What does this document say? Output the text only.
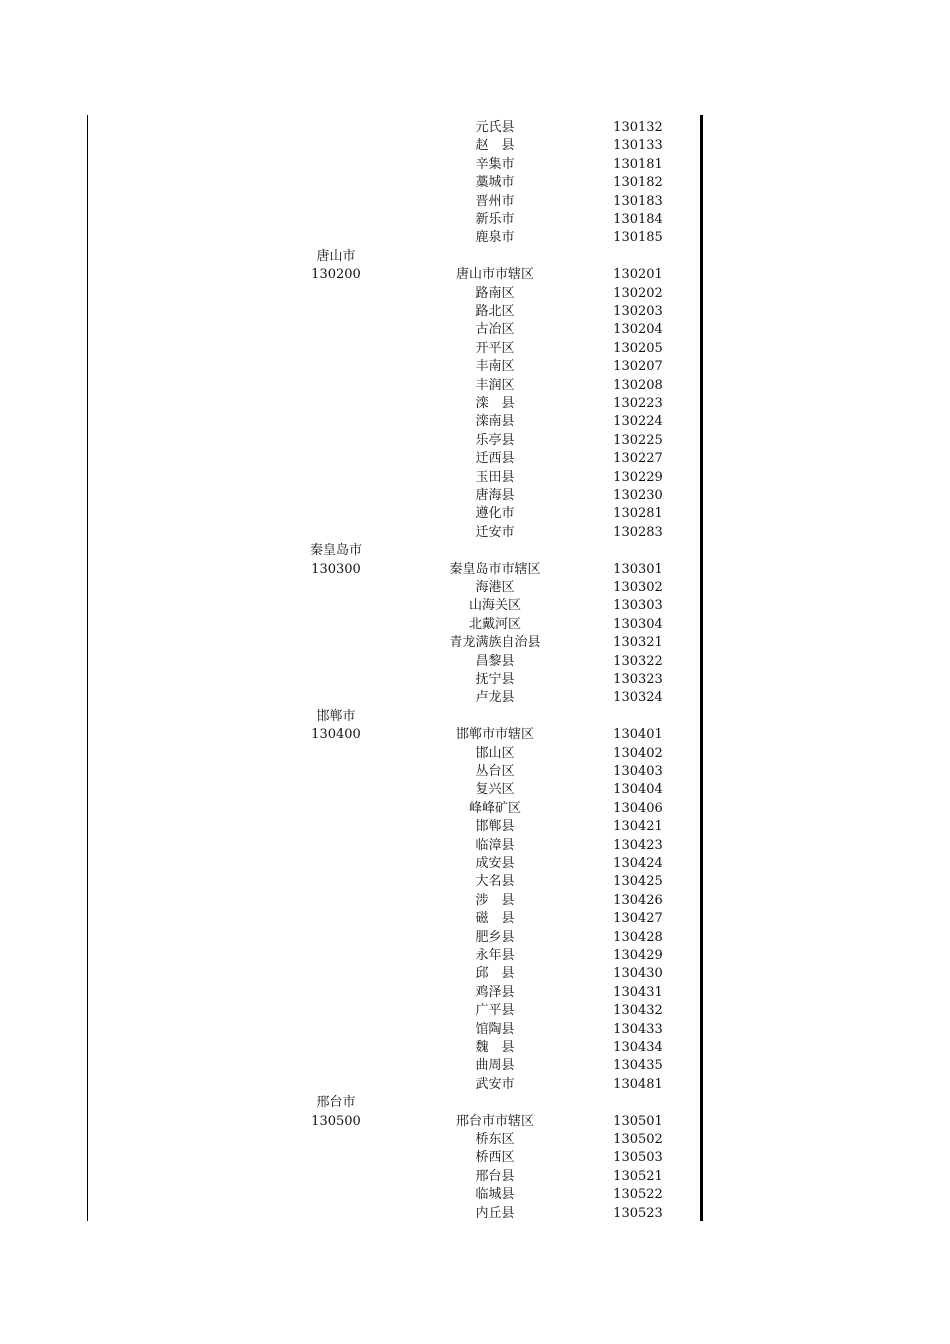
元氏县	130132
赵　县	130133
辛集市	130181
藁城市	130182
晋州市	130183
新乐市	130184
鹿泉市	130185
唐山市
130200	唐山市市辖区	130201
路南区	130202
路北区	130203
古冶区	130204
开平区	130205
丰南区	130207
丰润区	130208
滦　县	130223
滦南县	130224
乐亭县	130225
迁西县	130227
玉田县	130229
唐海县	130230
遵化市	130281
迁安市	130283
秦皇岛市
130300	秦皇岛市市辖区	130301
海港区	130302
山海关区	130303
北戴河区	130304
青龙满族自治县	130321
昌黎县	130322
抚宁县	130323
卢龙县	130324
邯郸市
130400	邯郸市市辖区	130401
邯山区	130402
丛台区	130403
复兴区	130404
峰峰矿区	130406
邯郸县	130421
临漳县	130423
成安县	130424
大名县	130425
涉　县	130426
磁　县	130427
肥乡县	130428
永年县	130429
邱　县	130430
鸡泽县	130431
广平县	130432
馆陶县	130433
魏　县	130434
曲周县	130435
武安市	130481
邢台市
130500	邢台市市辖区	130501
桥东区	130502
桥西区	130503
邢台县	130521
临城县	130522
内丘县	130523
